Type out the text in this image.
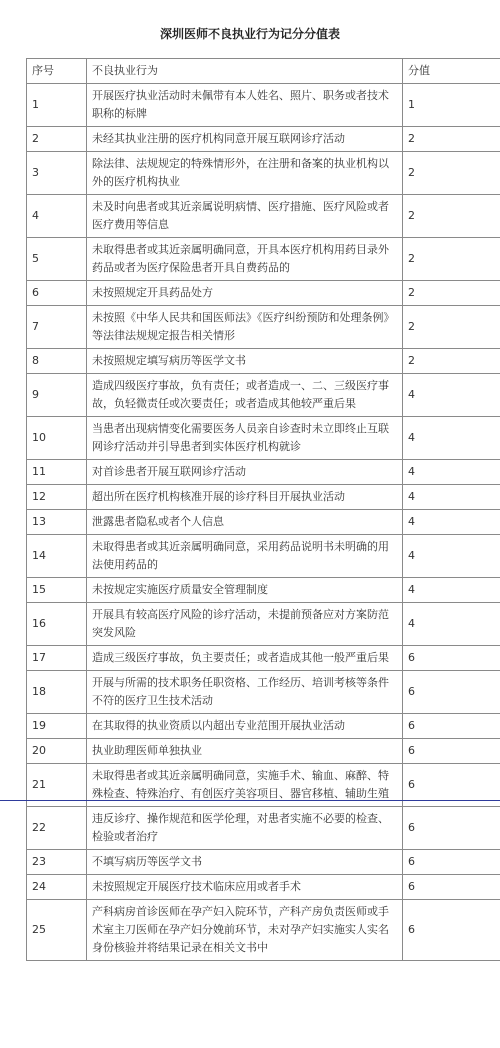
深圳医师不良执业行为记分分值表
序号	不良执业行为	分值
1	开展医疗执业活动时未佩带有本人姓名、照片、职务或者技术职称的标牌	1
2	未经其执业注册的医疗机构同意开展互联网诊疗活动	2
3	除法律、法规规定的特殊情形外，在注册和备案的执业机构以外的医疗机构执业	2
4	未及时向患者或其近亲属说明病情、医疗措施、医疗风险或者医疗费用等信息	2
5	未取得患者或其近亲属明确同意，开具本医疗机构用药目录外药品或者为医疗保险患者开具自费药品的	2
6	未按照规定开具药品处方	2
7	未按照《中华人民共和国医师法》《医疗纠纷预防和处理条例》等法律法规规定报告相关情形	2
8	未按照规定填写病历等医学文书	2
9	造成四级医疗事故，负有责任；或者造成一、二、三级医疗事故，负轻微责任或次要责任；或者造成其他较严重后果	4
10	当患者出现病情变化需要医务人员亲自诊查时未立即终止互联网诊疗活动并引导患者到实体医疗机构就诊	4
11	对首诊患者开展互联网诊疗活动	4
12	超出所在医疗机构核准开展的诊疗科目开展执业活动	4
13	泄露患者隐私或者个人信息	4
14	未取得患者或其近亲属明确同意，采用药品说明书未明确的用法使用药品的	4
15	未按规定实施医疗质量安全管理制度	4
16	开展具有较高医疗风险的诊疗活动，未提前预备应对方案防范突发风险	4
17	造成三级医疗事故，负主要责任；或者造成其他一般严重后果	6
18	开展与所需的技术职务任职资格、工作经历、培训考核等条件不符的医疗卫生技术活动	6
19	在其取得的执业资质以内超出专业范围开展执业活动	6
20	执业助理医师单独执业	6
21	未取得患者或其近亲属明确同意，实施手术、输血、麻醉、特殊检查、特殊治疗、有创医疗美容项目、器官移植、辅助生殖	6
22	违反诊疗、操作规范和医学伦理，对患者实施不必要的检查、检验或者治疗	6
23	不填写病历等医学文书	6
24	未按照规定开展医疗技术临床应用或者手术	6
25	产科病房首诊医师在孕产妇入院环节，产科产房负责医师或手术室主刀医师在孕产妇分娩前环节，未对孕产妇实施实人实名身份核验并将结果记录在相关文书中	6
